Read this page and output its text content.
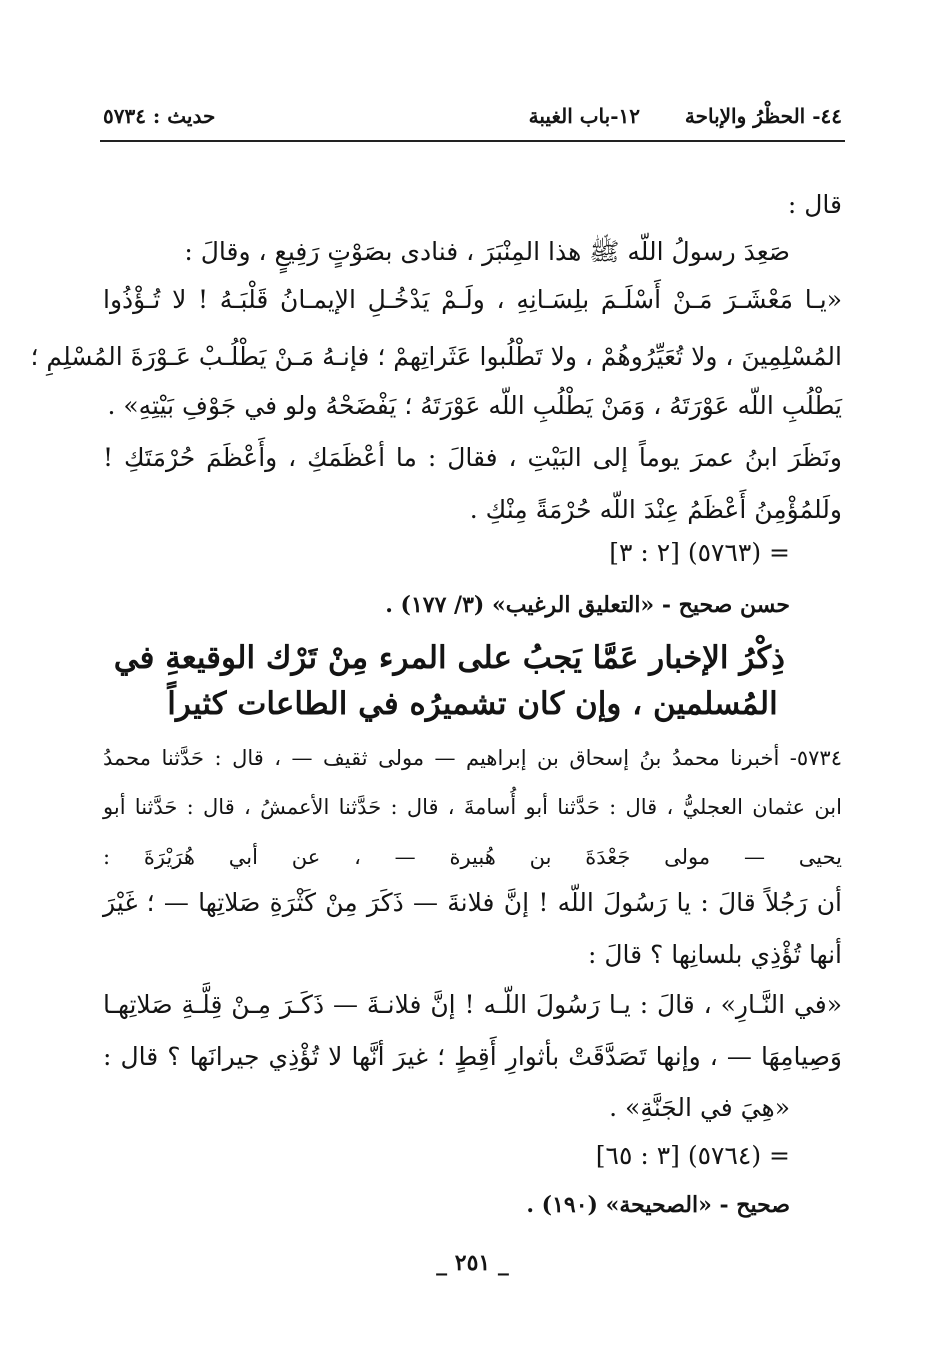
٤٤- الحظْرُ والإباحة
١٢-باب الغيبة
حديث : ٥٧٣٤
قال :
صَعِدَ رسولُ اللّه ﷺ هذا المِنْبَرَ ، فنادى بصَوْتٍ رَفِيعٍ ، وقالَ :
«يـا مَعْشَـرَ مَـنْ أَسْلَـمَ بلِسَـانِهِ ، ولَـمْ يَدْخُـلِ الإيمـانُ قَلْبَـهُ ! لا تُـؤْذُوا
المُسْلِمِينَ ، ولا تُعَيِّرُوهُمْ ، ولا تَطْلُبوا عَثَراتِهمْ ؛ فإنـهُ مَـنْ يَطْلُـبْ عَـوْرَةَ المُسْلِمِ ؛
يَطْلُبِ اللّه عَوْرَتَهُ ، وَمَنْ يَطْلُبِ اللّه عَوْرَتَهُ ؛ يَفْضَحْهُ ولو في جَوْفِ بَيْتِهِ» .
ونَظَرَ ابنُ عمرَ يوماً إلى البَيْتِ ، فقالَ : ما أعْظَمَكِ ، وأَعْظَمَ حُرْمَتَكِ !
ولَلمُؤْمِنُ أَعْظَمُ عِنْدَ اللّه حُرْمَةً مِنْكِ .
= (٥٧٦٣) [٢ : ٣]
حسن صحيح - «التعليق الرغيب» (٣/ ١٧٧) .
ذِكْرُ الإخبار عَمَّا يَجبُ على المرء مِنْ تَرْك الوقيعةِ في
المُسلمين ، وإن كان تشميرُه في الطاعات كثيراً
٥٧٣٤- أخبرنا محمدُ بنُ إسحاق بن إبراهيم — مولى ثقيف — ، قال : حَدَّثنا محمدُ
ابن عثمان العجليُّ ، قال : حَدَّثنا أبو أُسامةَ ، قال : حَدَّثنا الأعمشُ ، قال : حَدَّثنا أبو
يحيى — مولى جَعْدَةَ بن هُبيرة — ، عن أبي هُرَيْرَةَ :
أن رَجُلاً قالَ : يا رَسُولَ اللّه ! إنَّ فلانةَ — ذَكَرَ مِنْ كَثْرَةِ صَلاتِها — ؛ غَيْرَ
أنها تُؤْذِي بلسانِها ؟ قالَ :
«في النَّـارِ» ، قالَ : يـا رَسُولَ اللّـه ! إنَّ فلانـةَ — ذَكَـرَ مِـنْ قِلَّـةِ صَلاتِهـا
وَصِيامِهَا — ، وإنها تَصَدَّقَتْ بأثوارِ أَقِطٍ ؛ غيرَ أنَّها لا تُؤْذِي جيرانَها ؟ قال :
«هِيَ في الجَنَّةِ» .
= (٥٧٦٤) [٣ : ٦٥]
صحيح - «الصحيحة» (١٩٠) .
_ ٢٥١ _
